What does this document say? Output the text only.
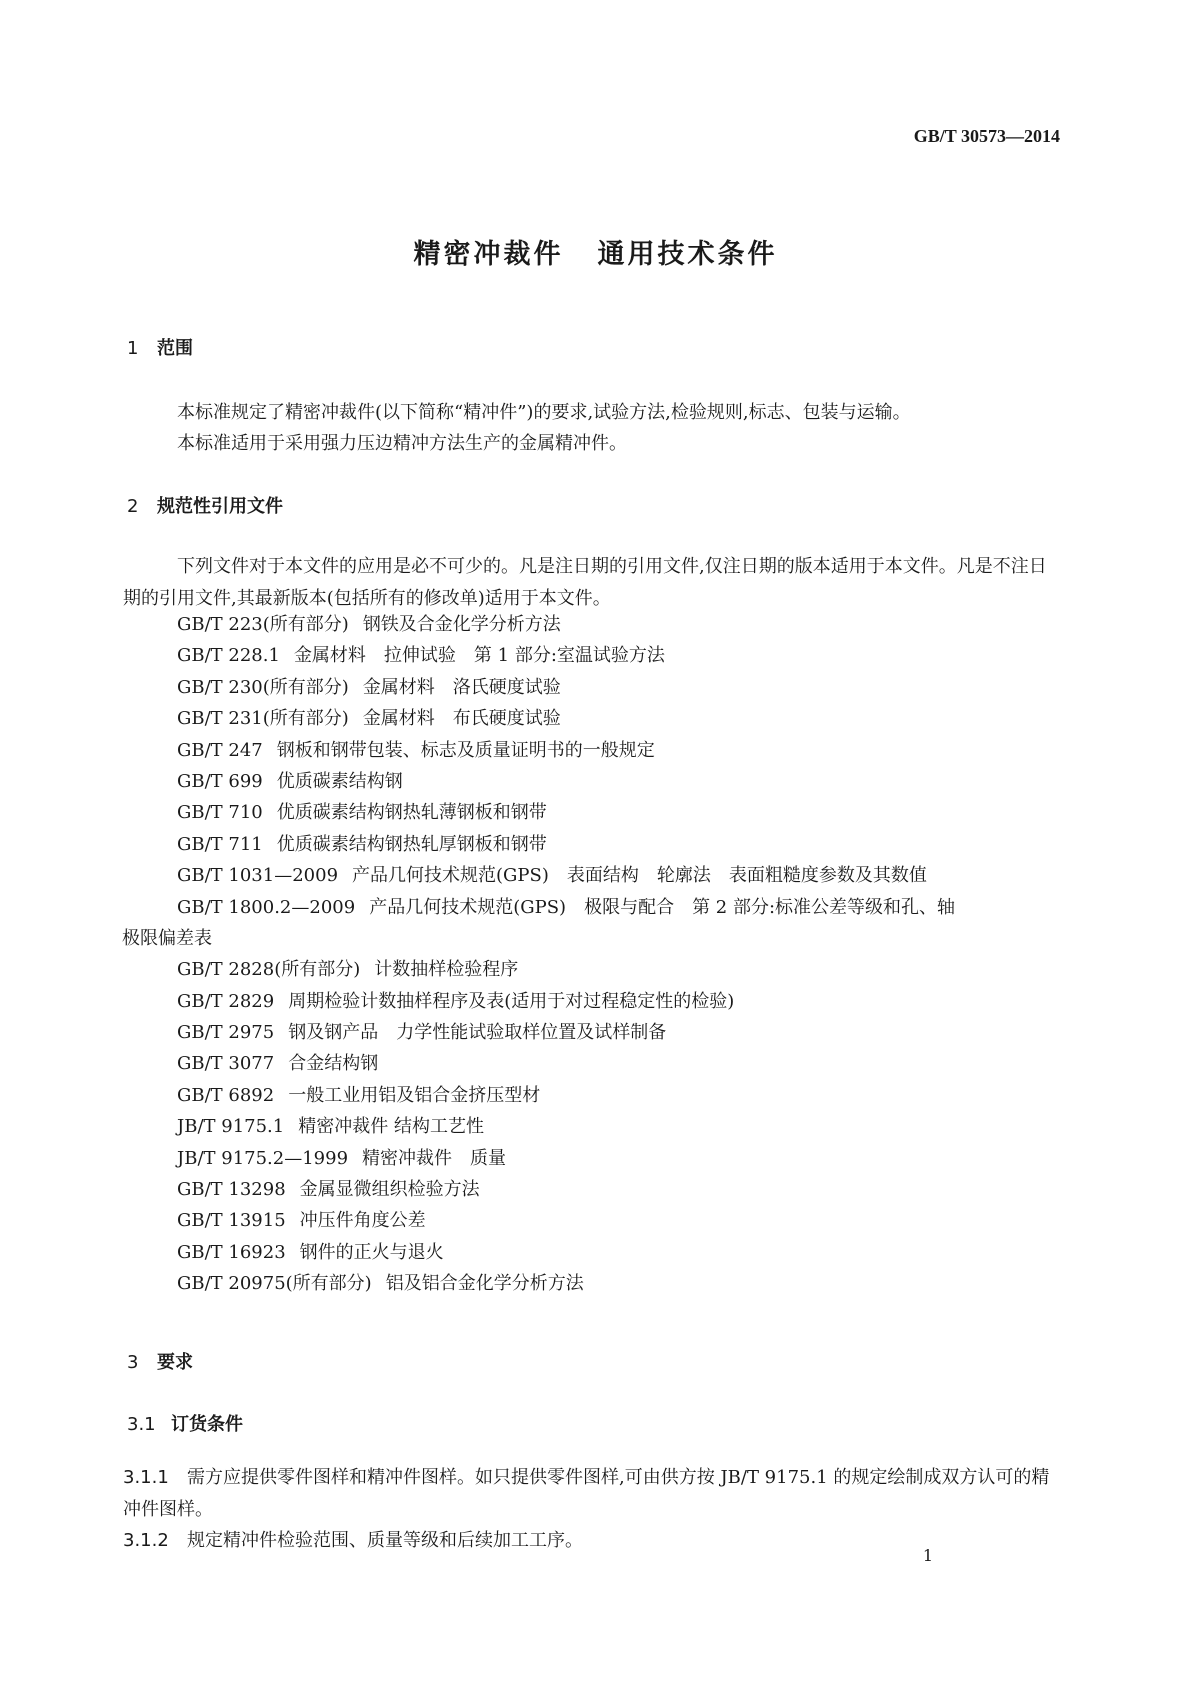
GB/T 30573—2014
精密冲裁件 通用技术条件
1 范围
本标准规定了精密冲裁件(以下简称“精冲件”)的要求,试验方法,检验规则,标志、包装与运输。
本标准适用于采用强力压边精冲方法生产的金属精冲件。
2 规范性引用文件
下列文件对于本文件的应用是必不可少的。凡是注日期的引用文件,仅注日期的版本适用于本文件。凡是不注日期的引用文件,其最新版本(包括所有的修改单)适用于本文件。
GB/T 223(所有部分) 钢铁及合金化学分析方法
GB/T 228.1 金属材料　拉伸试验　第 1 部分:室温试验方法
GB/T 230(所有部分) 金属材料　洛氏硬度试验
GB/T 231(所有部分) 金属材料　布氏硬度试验
GB/T 247 钢板和钢带包装、标志及质量证明书的一般规定
GB/T 699 优质碳素结构钢
GB/T 710 优质碳素结构钢热轧薄钢板和钢带
GB/T 711 优质碳素结构钢热轧厚钢板和钢带
GB/T 1031—2009 产品几何技术规范(GPS)　表面结构　轮廓法　表面粗糙度参数及其数值
GB/T 1800.2—2009 产品几何技术规范(GPS)　极限与配合　第 2 部分:标准公差等级和孔、轴
极限偏差表
GB/T 2828(所有部分) 计数抽样检验程序
GB/T 2829 周期检验计数抽样程序及表(适用于对过程稳定性的检验)
GB/T 2975 钢及钢产品　力学性能试验取样位置及试样制备
GB/T 3077 合金结构钢
GB/T 6892 一般工业用铝及铝合金挤压型材
JB/T 9175.1 精密冲裁件 结构工艺性
JB/T 9175.2—1999 精密冲裁件　质量
GB/T 13298 金属显微组织检验方法
GB/T 13915 冲压件角度公差
GB/T 16923 钢件的正火与退火
GB/T 20975(所有部分) 铝及铝合金化学分析方法
3 要求
3.1 订货条件
3.1.1 需方应提供零件图样和精冲件图样。如只提供零件图样,可由供方按 JB/T 9175.1 的规定绘制成双方认可的精冲件图样。
3.1.2 规定精冲件检验范围、质量等级和后续加工工序。
1
